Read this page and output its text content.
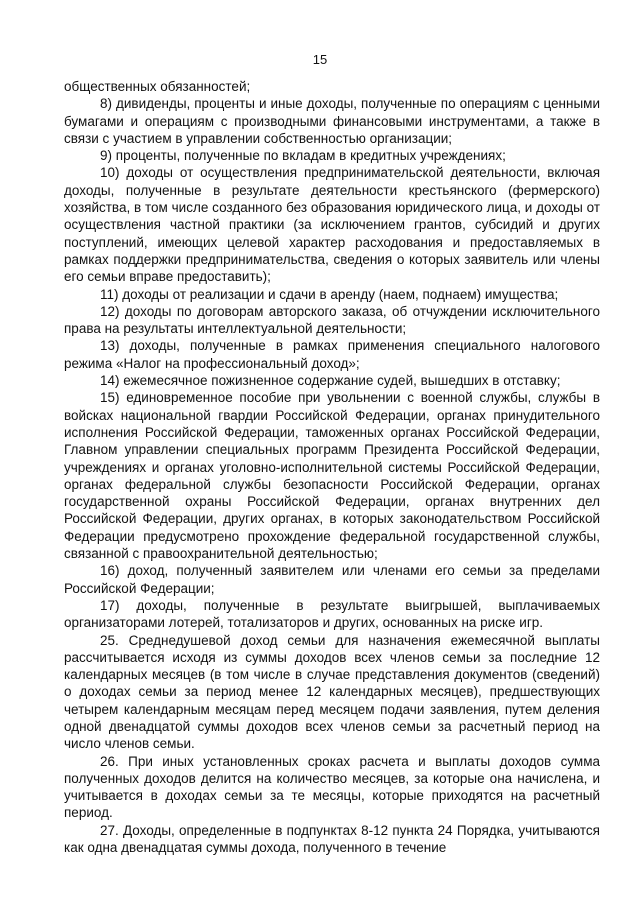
15

общественных обязанностей;

8) дивиденды, проценты и иные доходы, полученные по операциям с ценными бумагами и операциям с производными финансовыми инструментами, а также в связи с участием в управлении собственностью организации;

9) проценты, полученные по вкладам в кредитных учреждениях;

10) доходы от осуществления предпринимательской деятельности, включая доходы, полученные в результате деятельности крестьянского (фермерского) хозяйства, в том числе созданного без образования юридического лица, и доходы от осуществления частной практики (за исключением грантов, субсидий и других поступлений, имеющих целевой характер расходования и предоставляемых в рамках поддержки предпринимательства, сведения о которых заявитель или члены его семьи вправе предоставить);

11) доходы от реализации и сдачи в аренду (наем, поднаем) имущества;

12) доходы по договорам авторского заказа, об отчуждении исключительного права на результаты интеллектуальной деятельности;

13) доходы, полученные в рамках применения специального налогового режима «Налог на профессиональный доход»;

14) ежемесячное пожизненное содержание судей, вышедших в отставку;

15) единовременное пособие при увольнении с военной службы, службы в войсках национальной гвардии Российской Федерации, органах принудительного исполнения Российской Федерации, таможенных органах Российской Федерации, Главном управлении специальных программ Президента Российской Федерации, учреждениях и органах уголовно-исполнительной системы Российской Федерации, органах федеральной службы безопасности Российской Федерации, органах государственной охраны Российской Федерации, органах внутренних дел Российской Федерации, других органах, в которых законодательством Российской Федерации предусмотрено прохождение федеральной государственной службы, связанной с правоохранительной деятельностью;

16) доход, полученный заявителем или членами его семьи за пределами Российской Федерации;

17) доходы, полученные в результате выигрышей, выплачиваемых организаторами лотерей, тотализаторов и других, основанных на риске игр.

25. Среднедушевой доход семьи для назначения ежемесячной выплаты рассчитывается исходя из суммы доходов всех членов семьи за последние 12 календарных месяцев (в том числе в случае представления документов (сведений) о доходах семьи за период менее 12 календарных месяцев), предшествующих четырем календарным месяцам перед месяцем подачи заявления, путем деления одной двенадцатой суммы доходов всех членов семьи за расчетный период на число членов семьи.

26. При иных установленных сроках расчета и выплаты доходов сумма полученных доходов делится на количество месяцев, за которые она начислена, и учитывается в доходах семьи за те месяцы, которые приходятся на расчетный период.

27. Доходы, определенные в подпунктах 8-12 пункта 24 Порядка, учитываются как одна двенадцатая суммы дохода, полученного в течение
